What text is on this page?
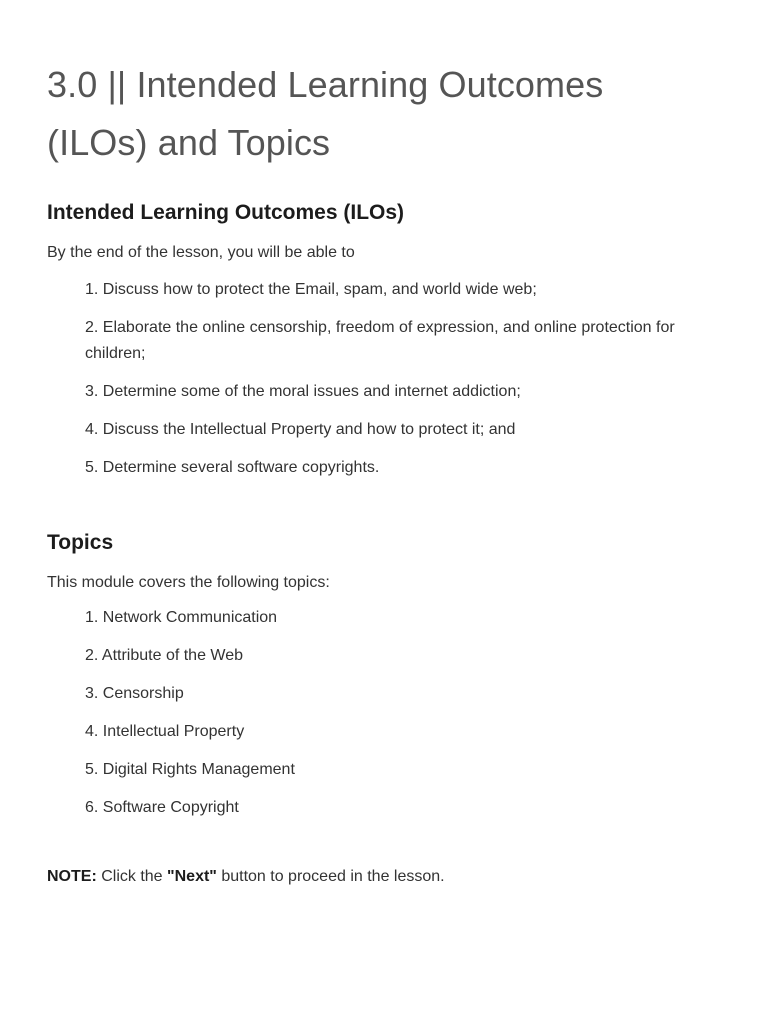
3.0 || Intended Learning Outcomes
(ILOs) and Topics
Intended Learning Outcomes (ILOs)

By the end of the lesson, you will be able to

1. Discuss how to protect the Email, spam, and world wide web;
2. Elaborate the online censorship, freedom of expression, and online protection for children;
3. Determine some of the moral issues and internet addiction;
4. Discuss the Intellectual Property and how to protect it; and
5. Determine several software copyrights.
Topics

This module covers the following topics:

1. Network Communication
2. Attribute of the Web
3. Censorship
4. Intellectual Property
5. Digital Rights Management
6. Software Copyright

NOTE: Click the "Next" button to proceed in the lesson.
